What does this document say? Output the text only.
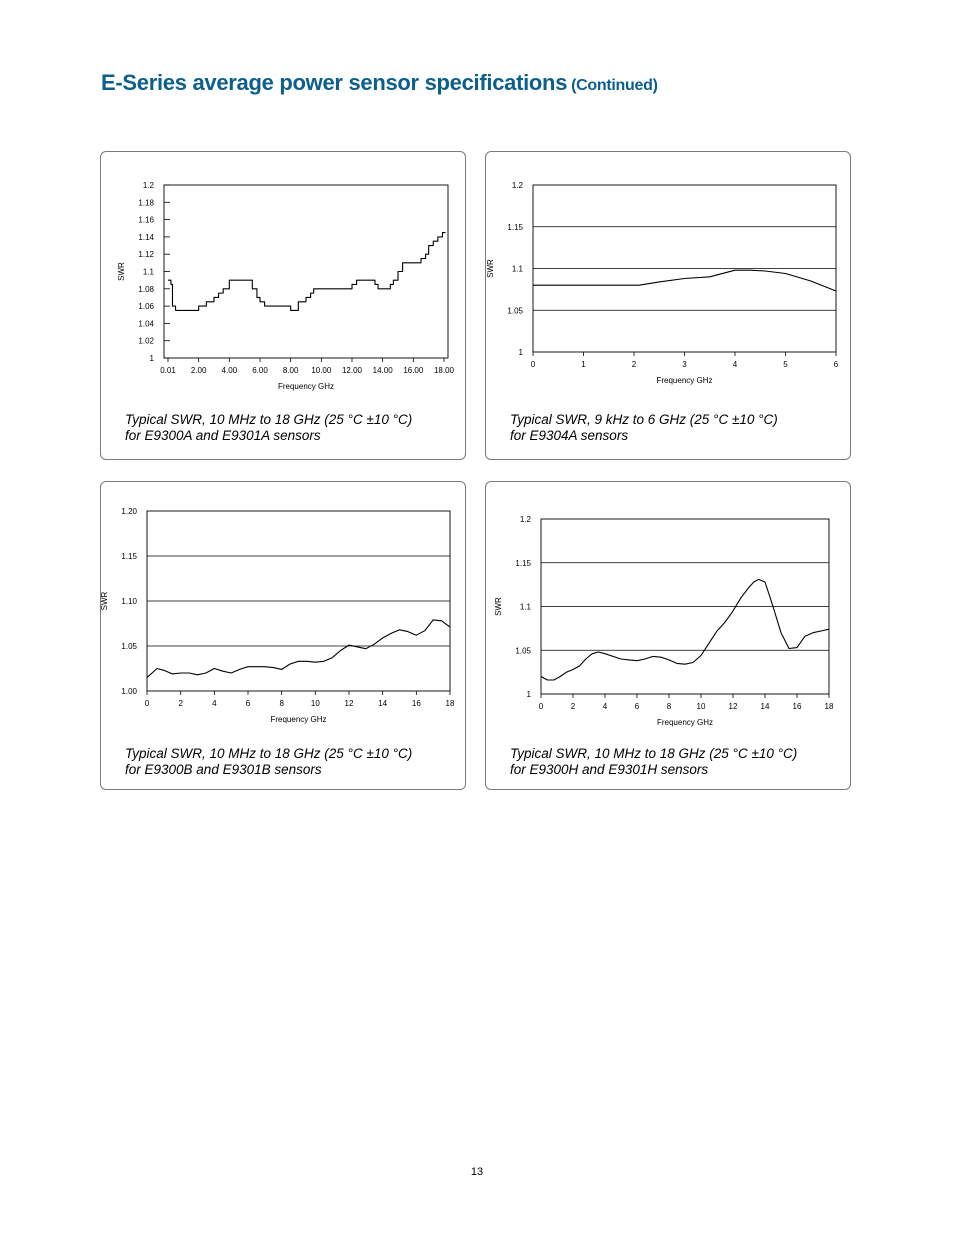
E-Series average power sensor specifications (Continued)
1
1.02
1.04
1.06
1.08
1.1
1.12
1.14
1.16
1.18
1.2
0.01 2.00 4.00 6.00 8.00 10.00 12.00 14.00 16.00 18.00
Frequency GHz
SWR
Typical SWR, 10 MHz to 18 GHz (25 °C ±10 °C)
for E9300A and E9301A sensors
1
1.05
1.1
1.15
1.2
0	1	2	3	4	5	6
Frequency GHz
SWR
Typical SWR, 9 kHz to 6 GHz (25 °C ±10 °C)
for E9304A sensors
1.00
1.05
1.10
1.15
1.20
0	2	4	6	8	10	12	14	16	18
Frequency GHz
SWR
Typical SWR, 10 MHz to 18 GHz (25 °C ±10 °C)
for E9300B and E9301B sensors
1
1.05
1.1
1.15
1.2
0	2	4	6	8	10	12	14	16	18
Frequency GHz
SWR
Typical SWR, 10 MHz to 18 GHz (25 °C ±10 °C)
for E9300H and E9301H sensors
13
